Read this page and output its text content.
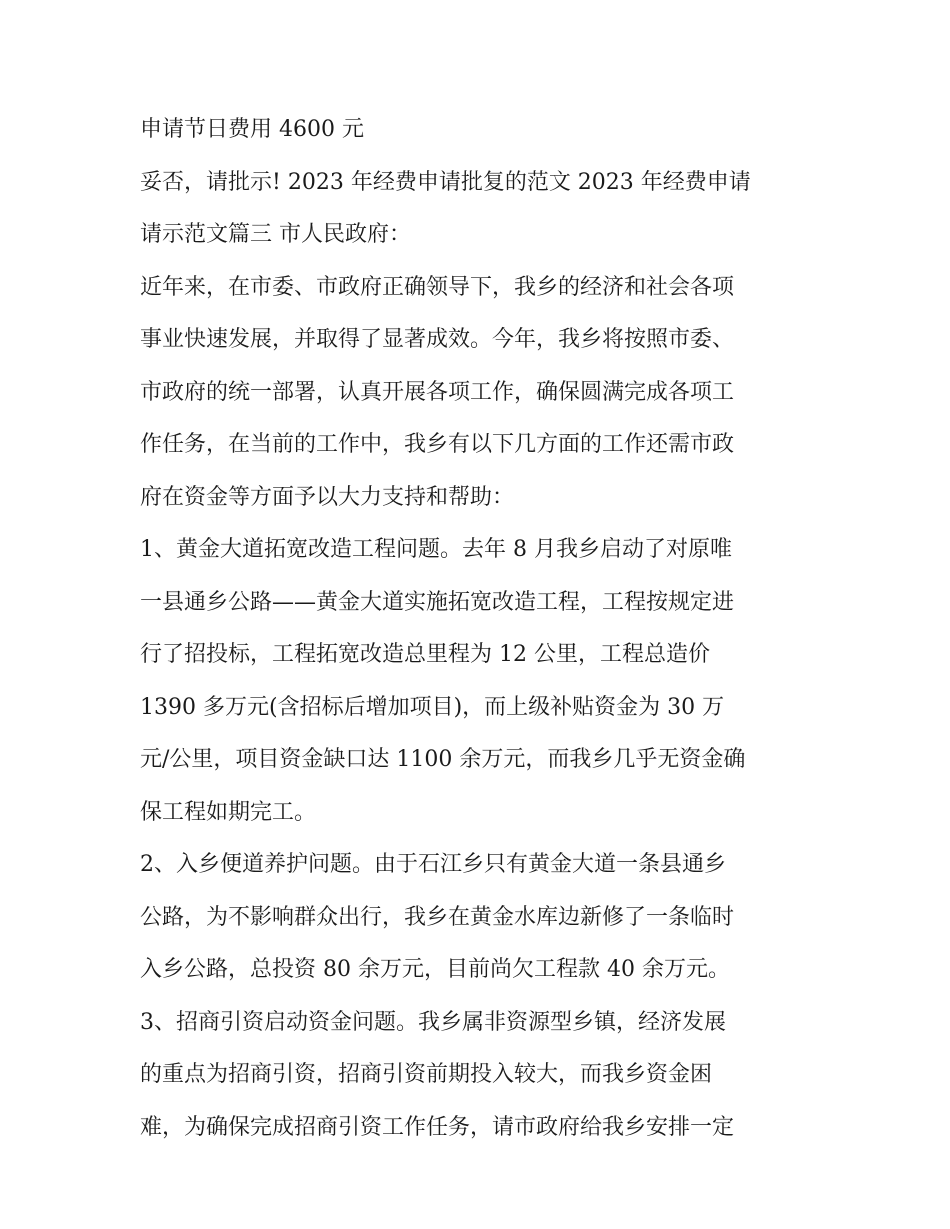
申请节日费用 4600 元
妥否，请批示! 2023 年经费申请批复的范文 2023 年经费申请
请示范文篇三 市人民政府：
近年来，在市委、市政府正确领导下，我乡的经济和社会各项
事业快速发展，并取得了显著成效。今年，我乡将按照市委、
市政府的统一部署，认真开展各项工作，确保圆满完成各项工
作任务，在当前的工作中，我乡有以下几方面的工作还需市政
府在资金等方面予以大力支持和帮助：
1、黄金大道拓宽改造工程问题。去年 8 月我乡启动了对原唯
一县通乡公路——黄金大道实施拓宽改造工程，工程按规定进
行了招投标，工程拓宽改造总里程为 12 公里，工程总造价
1390 多万元(含招标后增加项目)，而上级补贴资金为 30 万
元/公里，项目资金缺口达 1100 余万元，而我乡几乎无资金确
保工程如期完工。
2、入乡便道养护问题。由于石江乡只有黄金大道一条县通乡
公路，为不影响群众出行，我乡在黄金水库边新修了一条临时
入乡公路，总投资 80 余万元，目前尚欠工程款 40 余万元。
3、招商引资启动资金问题。我乡属非资源型乡镇，经济发展
的重点为招商引资，招商引资前期投入较大，而我乡资金困
难，为确保完成招商引资工作任务，请市政府给我乡安排一定
